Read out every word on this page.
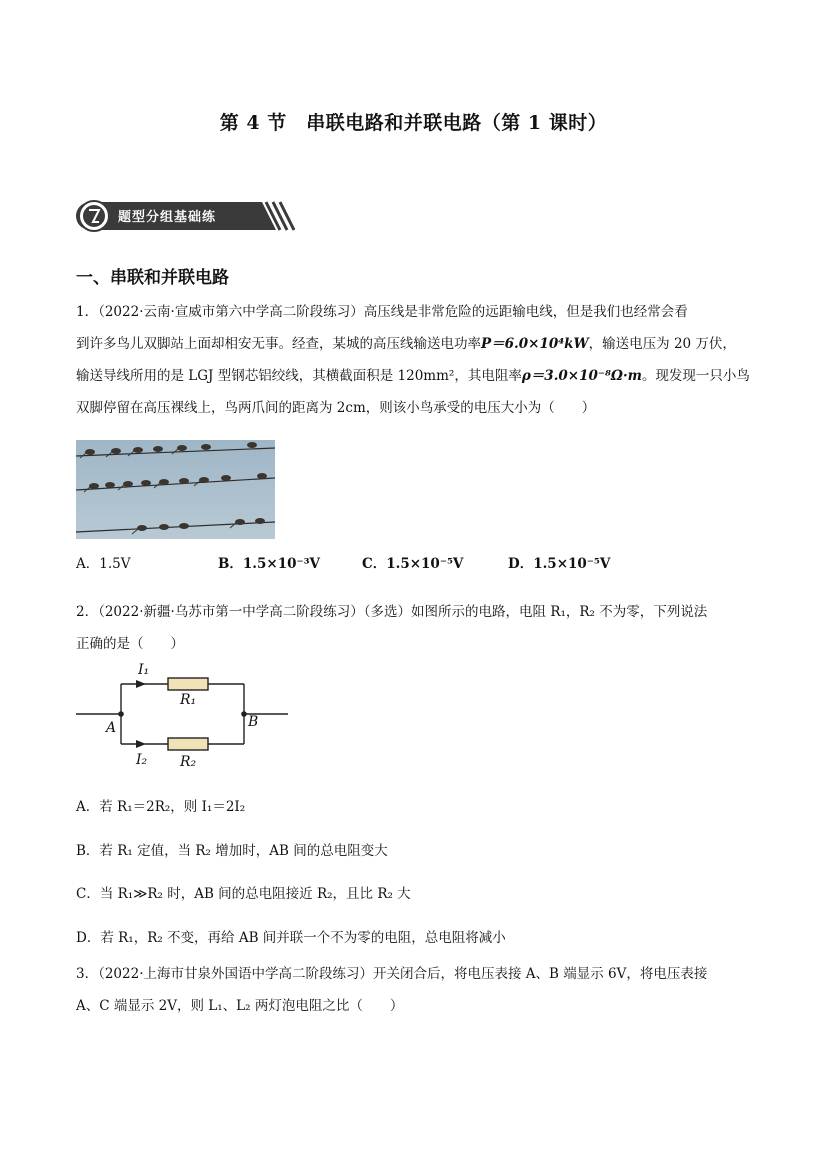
第 4 节　串联电路和并联电路（第 1 课时）
题型分组基础练
一、串联和并联电路
1．（2022·云南·宣威市第六中学高二阶段练习）高压线是非常危险的远距输电线，但是我们也经常会看
到许多鸟儿双脚站上面却相安无事。经查，某城的高压线输送电功率P＝6.0×10⁴kW，输送电压为 20 万伏，
输送导线所用的是 LGJ 型钢芯铝绞线，其横截面积是 120mm²，其电阻率ρ＝3.0×10⁻⁸Ω·m。现发现一只小鸟
双脚停留在高压裸线上，鸟两爪间的距离为 2cm，则该小鸟承受的电压大小为（　　）
A．1.5V	B．1.5×10⁻³V	C．1.5×10⁻⁵V	D．1.5×10⁻⁵V
2．（2022·新疆·乌苏市第一中学高二阶段练习）（多选）如图所示的电路，电阻 R₁，R₂ 不为零，下列说法
正确的是（　　）
I₁
R₁
A	B
I₂ R₂
A．若 R₁＝2R₂，则 I₁＝2I₂
B．若 R₁ 定值，当 R₂ 增加时，AB 间的总电阻变大
C．当 R₁≫R₂ 时，AB 间的总电阻接近 R₂，且比 R₂ 大
D．若 R₁，R₂ 不变，再给 AB 间并联一个不为零的电阻，总电阻将减小
3．（2022·上海市甘泉外国语中学高二阶段练习）开关闭合后，将电压表接 A、B 端显示 6V，将电压表接
A、C 端显示 2V，则 L₁、L₂ 两灯泡电阻之比（　　）
